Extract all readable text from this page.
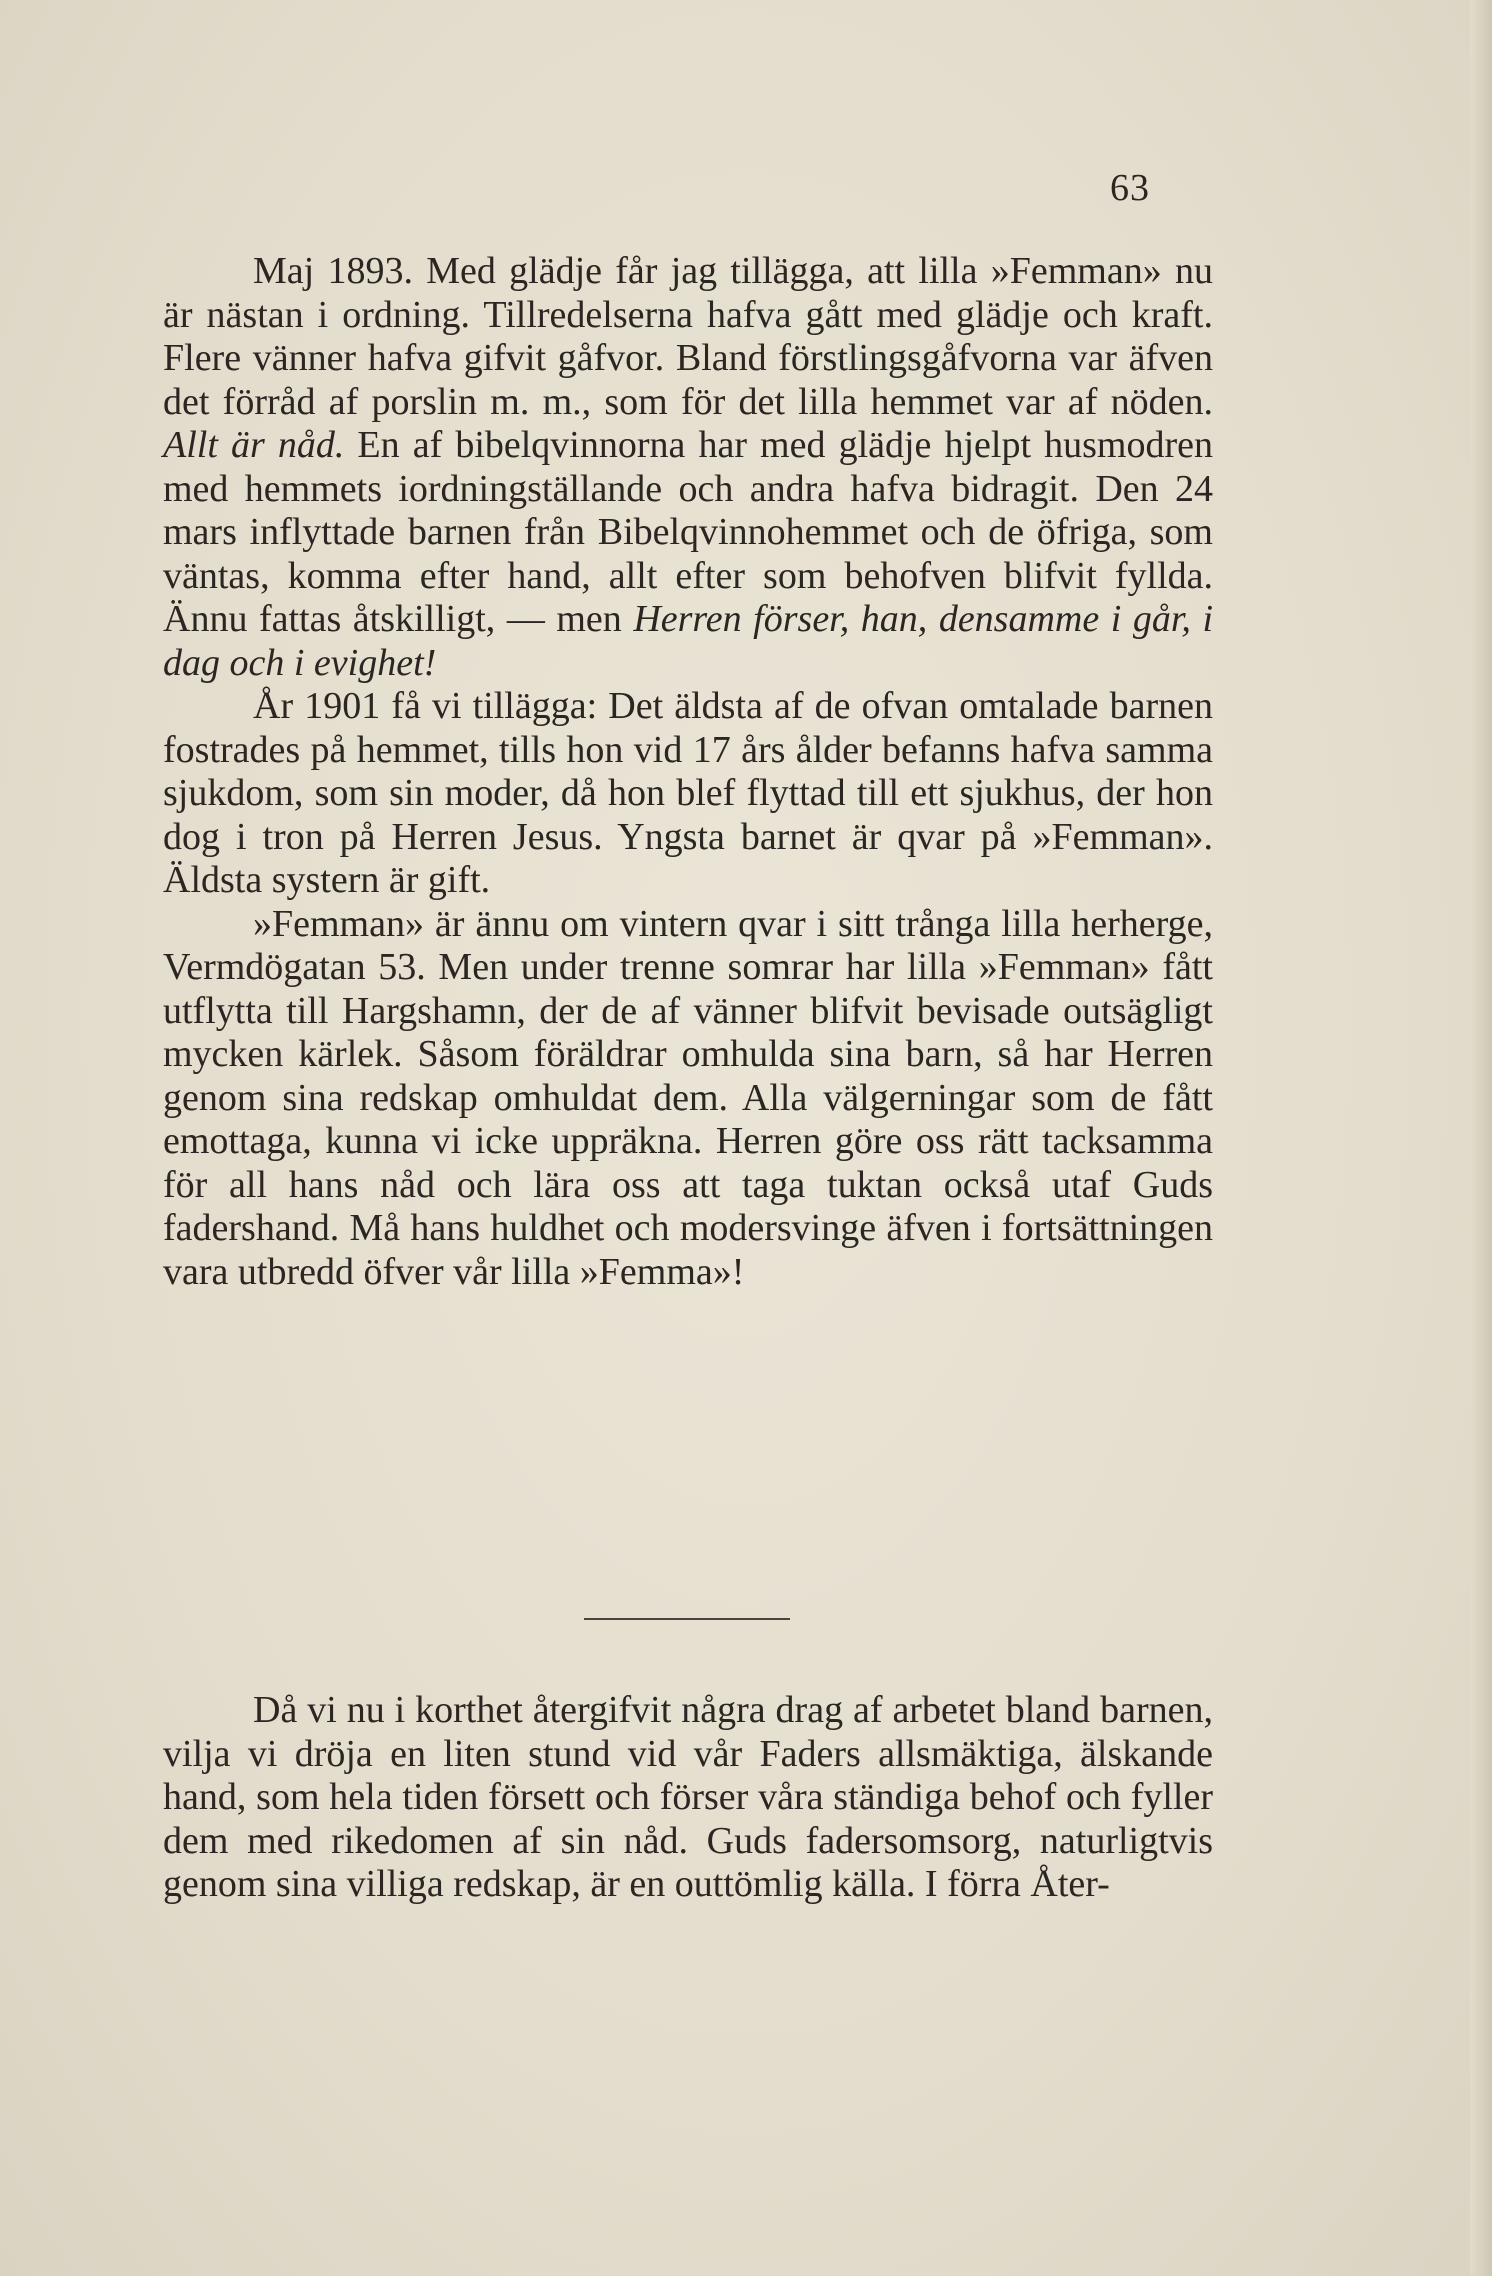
63

Maj 1893. Med glädje får jag tillägga, att lilla »Femman» nu är nästan i ordning. Tillredelserna hafva gått med glädje och kraft. Flere vänner hafva gifvit gåfvor. Bland förstlingsgåfvorna var äfven det förråd af porslin m. m., som för det lilla hemmet var af nöden. Allt är nåd. En af bibelqvinnorna har med glädje hjelpt husmodren med hemmets iordningställande och andra hafva bidragit. Den 24 mars inflyttade barnen från Bibelqvinnohemmet och de öfriga, som väntas, komma efter hand, allt efter som behofven blifvit fyllda. Ännu fattas åtskilligt, — men Herren förser, han, densamme i går, i dag och i evighet!

År 1901 få vi tillägga: Det äldsta af de ofvan omtalade barnen fostrades på hemmet, tills hon vid 17 års ålder befanns hafva samma sjukdom, som sin moder, då hon blef flyttad till ett sjukhus, der hon dog i tron på Herren Jesus. Yngsta barnet är qvar på »Femman». Äldsta systern är gift.

»Femman» är ännu om vintern qvar i sitt trånga lilla herherge, Vermdögatan 53. Men under trenne somrar har lilla »Femman» fått utflytta till Hargshamn, der de af vänner blifvit bevisade outsägligt mycken kärlek. Såsom föräldrar omhulda sina barn, så har Herren genom sina redskap omhuldat dem. Alla välgerningar som de fått emottaga, kunna vi icke uppräkna. Herren göre oss rätt tacksamma för all hans nåd och lära oss att taga tuktan också utaf Guds fadershand. Må hans huldhet och modersvinge äfven i fortsättningen vara utbredd öfver vår lilla »Femma»!

Då vi nu i korthet återgifvit några drag af arbetet bland barnen, vilja vi dröja en liten stund vid vår Faders allsmäktiga, älskande hand, som hela tiden försett och förser våra ständiga behof och fyller dem med rikedomen af sin nåd. Guds fadersomsorg, naturligtvis genom sina villiga redskap, är en outtömlig källa. I förra Åter-
